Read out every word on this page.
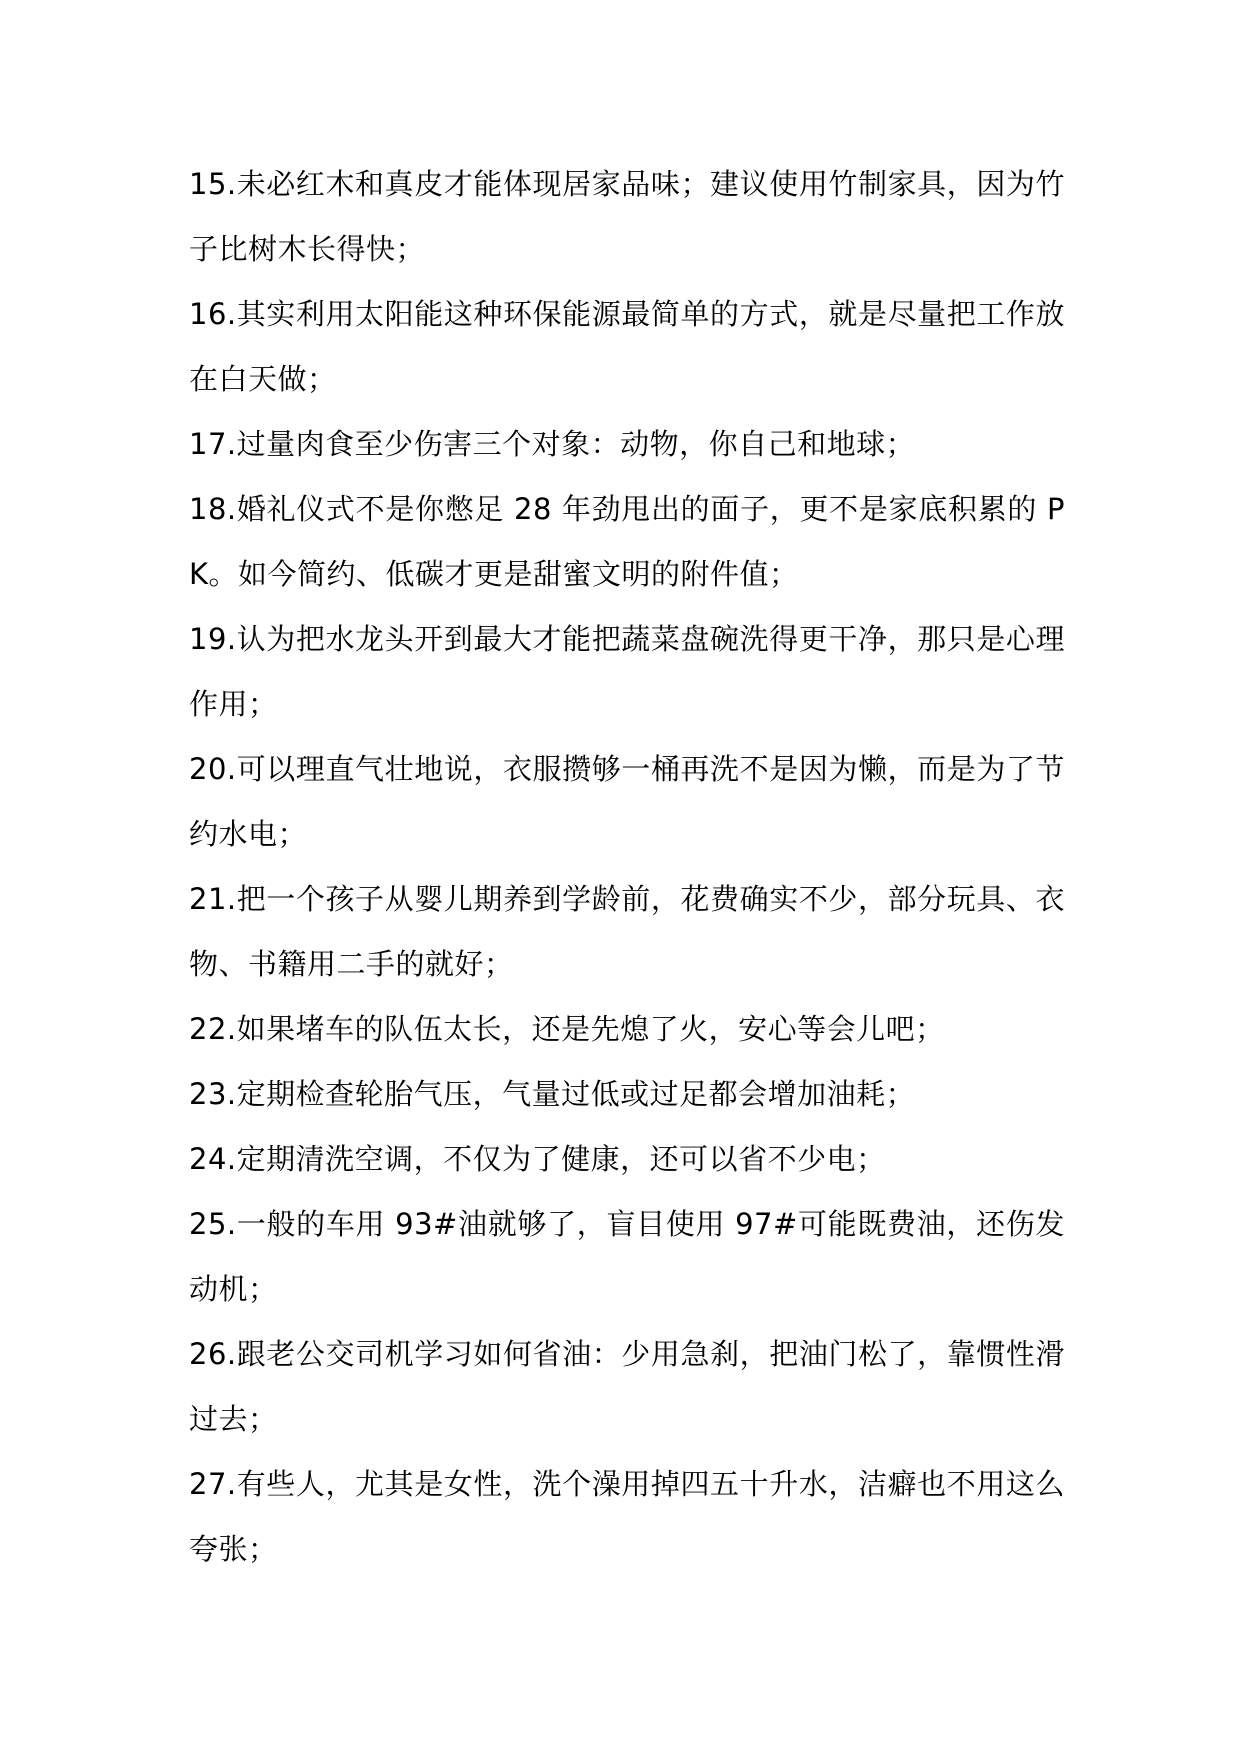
15.未必红木和真皮才能体现居家品味；建议使用竹制家具，因为竹子比树木长得快；

16.其实利用太阳能这种环保能源最简单的方式，就是尽量把工作放在白天做；

17.过量肉食至少伤害三个对象：动物，你自己和地球；

18.婚礼仪式不是你憋足 28 年劲甩出的面子，更不是家底积累的 PK。如今简约、低碳才更是甜蜜文明的附件值；

19.认为把水龙头开到最大才能把蔬菜盘碗洗得更干净，那只是心理作用；

20.可以理直气壮地说，衣服攒够一桶再洗不是因为懒，而是为了节约水电；

21.把一个孩子从婴儿期养到学龄前，花费确实不少，部分玩具、衣物、书籍用二手的就好；

22.如果堵车的队伍太长，还是先熄了火，安心等会儿吧；

23.定期检查轮胎气压，气量过低或过足都会增加油耗；

24.定期清洗空调，不仅为了健康，还可以省不少电；

25.一般的车用 93#油就够了，盲目使用 97#可能既费油，还伤发动机；

26.跟老公交司机学习如何省油：少用急刹，把油门松了，靠惯性滑过去；

27.有些人，尤其是女性，洗个澡用掉四五十升水，洁癖也不用这么夸张；
